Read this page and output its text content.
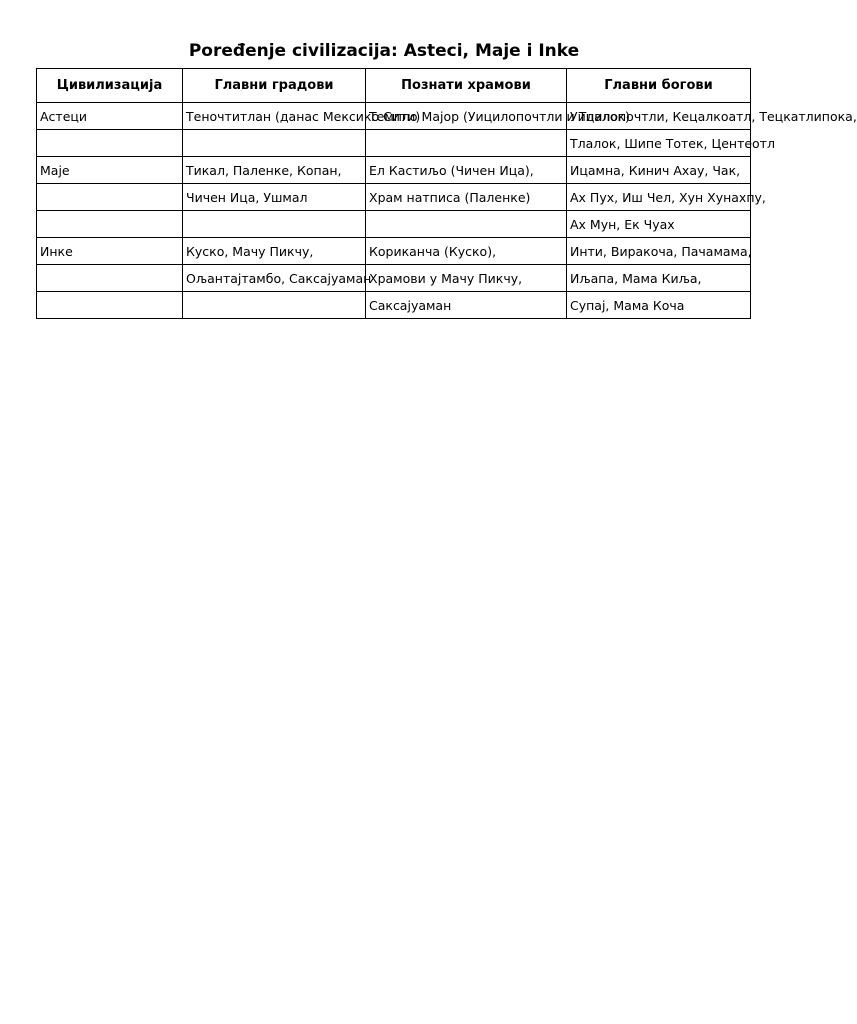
Poređenje civilizacija: Asteci, Maje i Inke
Цивилизација	Главни градови	Познати храмови	Главни богови

Астеци	Теночтитлан (данас Мексико Сити)	Темпло Мајор (Уицилопочтли и Тлалок)	Уицилопочтли, Кецалкоатл, Тецкатлипока,

			Тлалок, Шипе Тотек, Центеотл

Маје	Тикал, Паленке, Копан,	Ел Кастиљо (Чичен Ица),	Ицамна, Кинич Ахау, Чак,

	Чичен Ица, Ушмал	Храм натписа (Паленке)	Ах Пух, Иш Чел, Хун Хунахпу,

			Ах Мун, Ек Чуах

Инке	Куско, Мачу Пикчу,	Кориканча (Куско),	Инти, Виракоча, Пачамама,

	Ољантајтамбо, Саксајуаман	Храмови у Мачу Пикчу,	Иљапа, Мама Киља,

		Саксајуаман	Супај, Мама Коча
